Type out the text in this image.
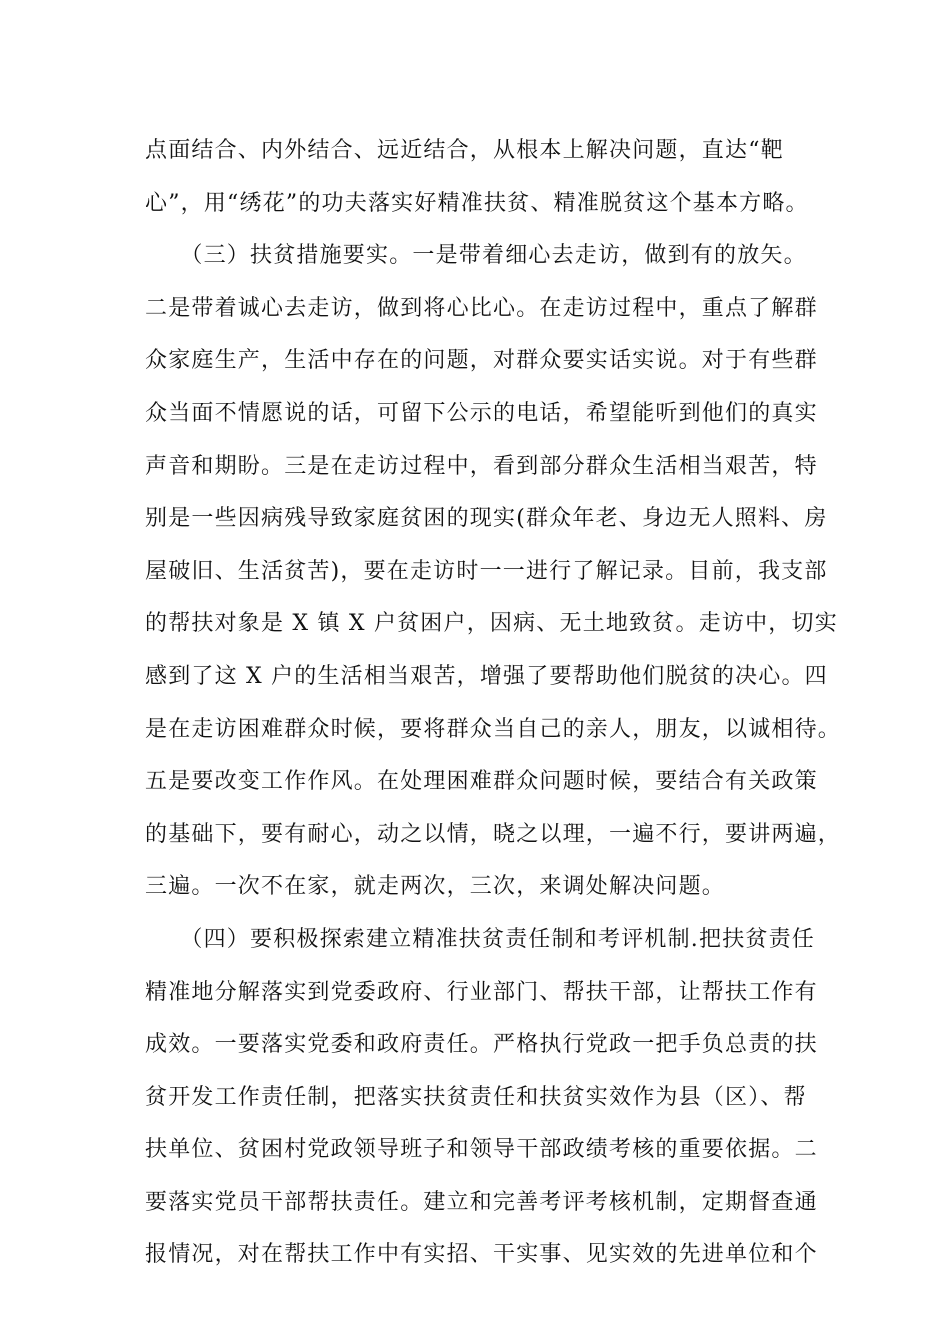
点面结合、内外结合、远近结合，从根本上解决问题，直达“靶
心”，用“绣花”的功夫落实好精准扶贫、精准脱贫这个基本方略。
　　（三）扶贫措施要实。一是带着细心去走访，做到有的放矢。
二是带着诚心去走访，做到将心比心。在走访过程中，重点了解群
众家庭生产，生活中存在的问题，对群众要实话实说。对于有些群
众当面不情愿说的话，可留下公示的电话，希望能听到他们的真实
声音和期盼。三是在走访过程中，看到部分群众生活相当艰苦，特
别是一些因病残导致家庭贫困的现实(群众年老、身边无人照料、房
屋破旧、生活贫苦)，要在走访时一一进行了解记录。目前，我支部
的帮扶对象是 X 镇 X 户贫困户，因病、无土地致贫。走访中，切实
感到了这 X 户的生活相当艰苦，增强了要帮助他们脱贫的决心。四
是在走访困难群众时候，要将群众当自己的亲人，朋友，以诚相待。
五是要改变工作作风。在处理困难群众问题时候，要结合有关政策
的基础下，要有耐心，动之以情，晓之以理，一遍不行，要讲两遍，
三遍。一次不在家，就走两次，三次，来调处解决问题。
　　（四）要积极探索建立精准扶贫责任制和考评机制.把扶贫责任
精准地分解落实到党委政府、行业部门、帮扶干部，让帮扶工作有
成效。一要落实党委和政府责任。严格执行党政一把手负总责的扶
贫开发工作责任制，把落实扶贫责任和扶贫实效作为县（区）、帮
扶单位、贫困村党政领导班子和领导干部政绩考核的重要依据。二
要落实党员干部帮扶责任。建立和完善考评考核机制，定期督查通
报情况，对在帮扶工作中有实招、干实事、见实效的先进单位和个
